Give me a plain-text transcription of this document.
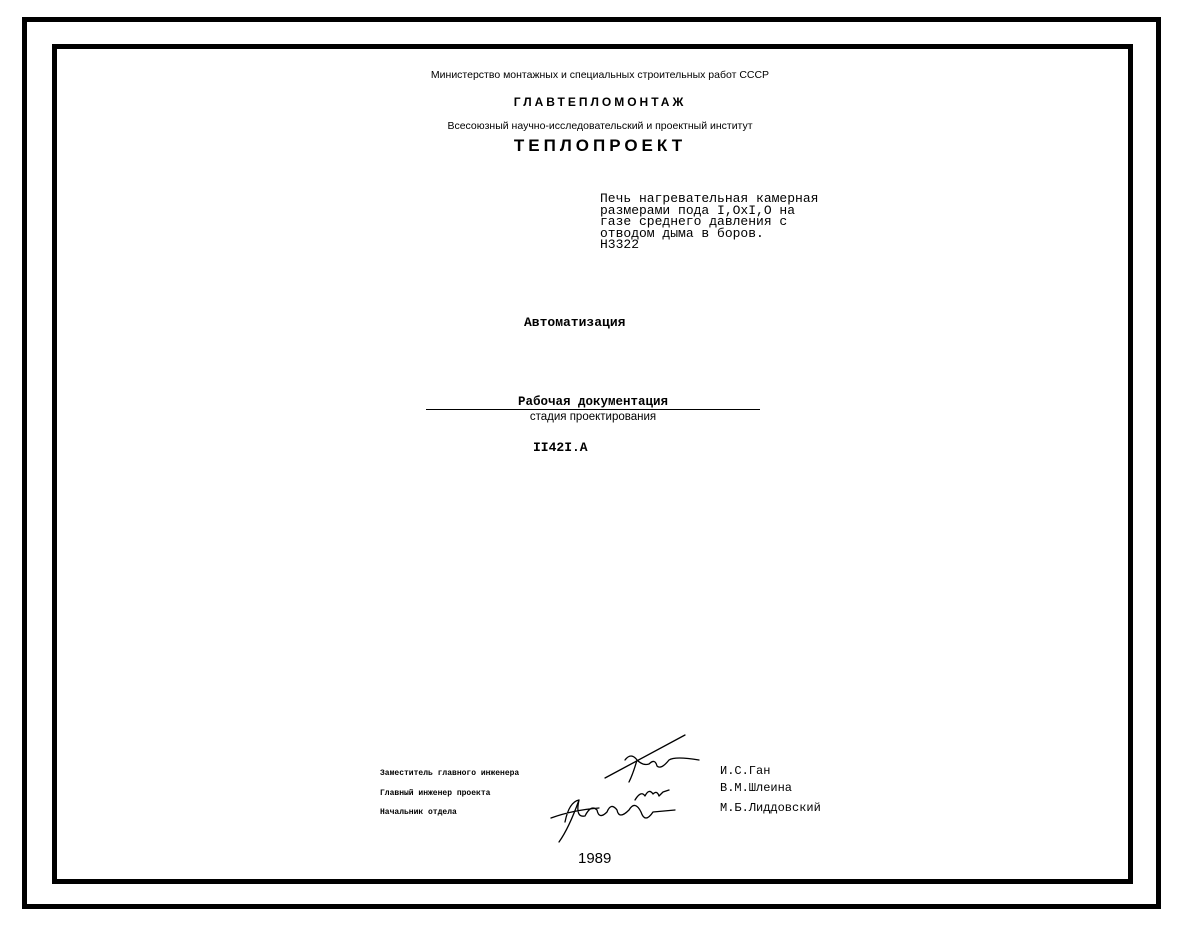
Министерство монтажных и специальных строительных работ СССР
ГЛАВТЕПЛОМОНТАЖ
Всесоюзный научно-исследовательский и проектный институт
ТЕПЛОПРОЕКТ
Печь нагревательная камерная
размерами пода I,OxI,O на
газе среднего давления с
отводом дыма в боров.
Н3322
Автоматизация
Рабочая документация
стадия проектирования
II42I.А
Заместитель главного инженера
Главный инженер проекта
Начальник отдела
И.С.Ган
В.М.Шлеина
М.Б.Лиддовский
1989
